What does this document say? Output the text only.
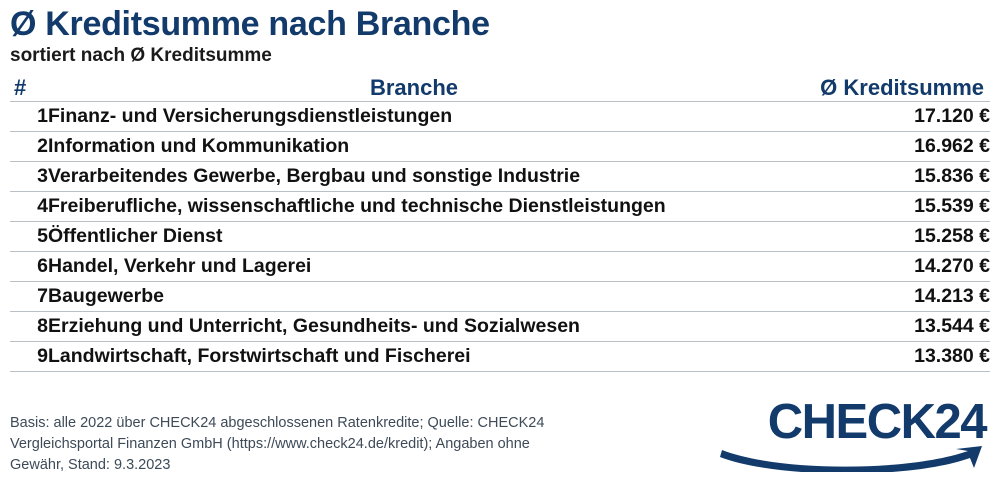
Ø Kreditsumme nach Branche
sortiert nach Ø Kreditsumme
#	Branche	Ø Kreditsumme
1	Finanz- und Versicherungsdienstleistungen	17.120 €
2	Information und Kommunikation	16.962 €
3	Verarbeitendes Gewerbe, Bergbau und sonstige Industrie	15.836 €
4	Freiberufliche, wissenschaftliche und technische Dienstleistungen	15.539 €
5	Öffentlicher Dienst	15.258 €
6	Handel, Verkehr und Lagerei	14.270 €
7	Baugewerbe	14.213 €
8	Erziehung und Unterricht, Gesundheits- und Sozialwesen	13.544 €
9	Landwirtschaft, Forstwirtschaft und Fischerei	13.380 €

Basis: alle 2022 über CHECK24 abgeschlossenen Ratenkredite; Quelle: CHECK24

Vergleichsportal Finanzen GmbH (https://www.check24.de/kredit); Angaben ohne

Gewähr, Stand: 9.3.2023

CHECK24
